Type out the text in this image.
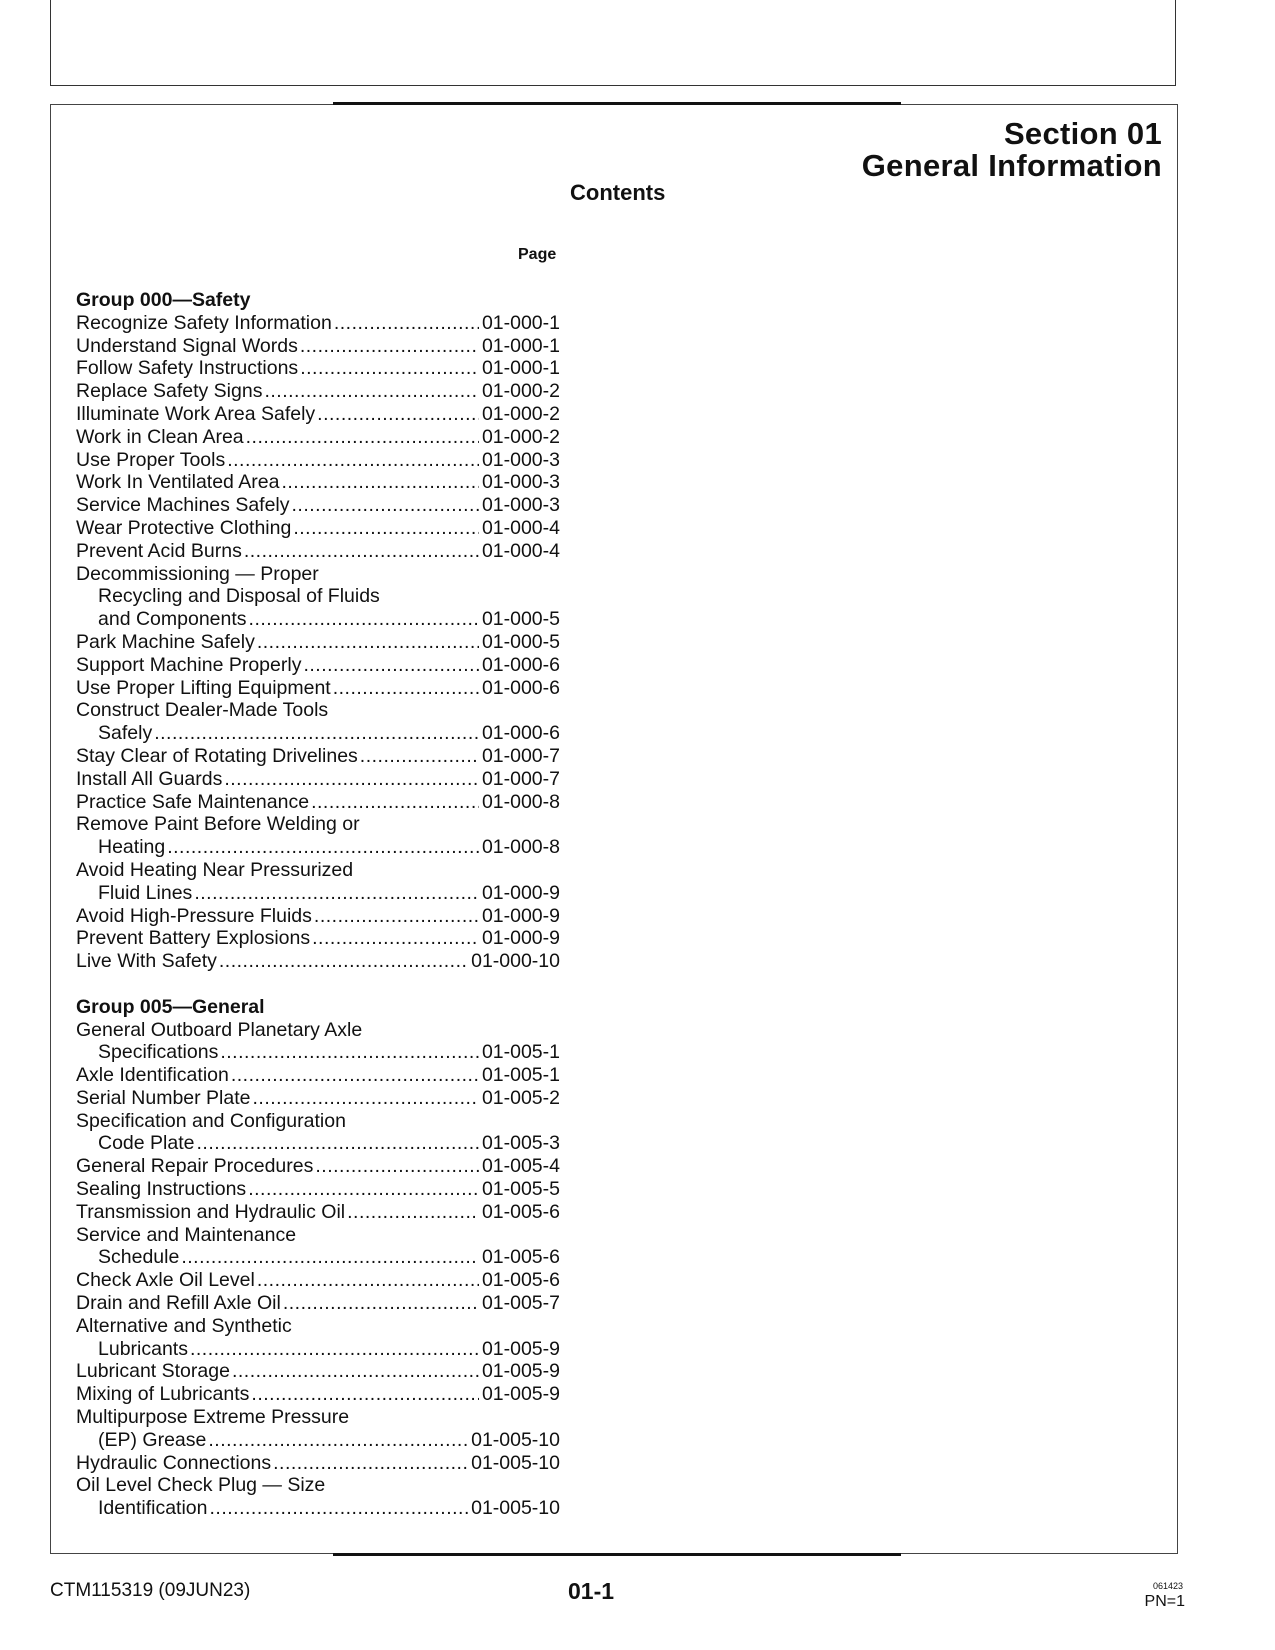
Section 01
General Information
Contents
Page
Group 000—Safety
Recognize Safety Information .....	01-000-1
Understand Signal Words .....	01-000-1
Follow Safety Instructions .....	01-000-1
Replace Safety Signs .....	01-000-2
Illuminate Work Area Safely .....	01-000-2
Work in Clean Area .....	01-000-2
Use Proper Tools .....	01-000-3
Work In Ventilated Area .....	01-000-3
Service Machines Safely .....	01-000-3
Wear Protective Clothing .....	01-000-4
Prevent Acid Burns .....	01-000-4
Decommissioning — Proper
Recycling and Disposal of Fluids
and Components .....	01-000-5
Park Machine Safely .....	01-000-5
Support Machine Properly .....	01-000-6
Use Proper Lifting Equipment .....	01-000-6
Construct Dealer-Made Tools
Safely .....	01-000-6
Stay Clear of Rotating Drivelines .....	01-000-7
Install All Guards .....	01-000-7
Practice Safe Maintenance .....	01-000-8
Remove Paint Before Welding or
Heating .....	01-000-8
Avoid Heating Near Pressurized
Fluid Lines .....	01-000-9
Avoid High-Pressure Fluids .....	01-000-9
Prevent Battery Explosions .....	01-000-9
Live With Safety .....	01-000-10
Group 005—General
General Outboard Planetary Axle
Specifications .....	01-005-1
Axle Identification .....	01-005-1
Serial Number Plate .....	01-005-2
Specification and Configuration
Code Plate .....	01-005-3
General Repair Procedures .....	01-005-4
Sealing Instructions .....	01-005-5
Transmission and Hydraulic Oil .....	01-005-6
Service and Maintenance
Schedule .....	01-005-6
Check Axle Oil Level .....	01-005-6
Drain and Refill Axle Oil .....	01-005-7
Alternative and Synthetic
Lubricants .....	01-005-9
Lubricant Storage .....	01-005-9
Mixing of Lubricants .....	01-005-9
Multipurpose Extreme Pressure
(EP) Grease .....	01-005-10
Hydraulic Connections .....	01-005-10
Oil Level Check Plug — Size
Identification .....	01-005-10
CTM115319 (09JUN23)	01-1	061423
PN=1
